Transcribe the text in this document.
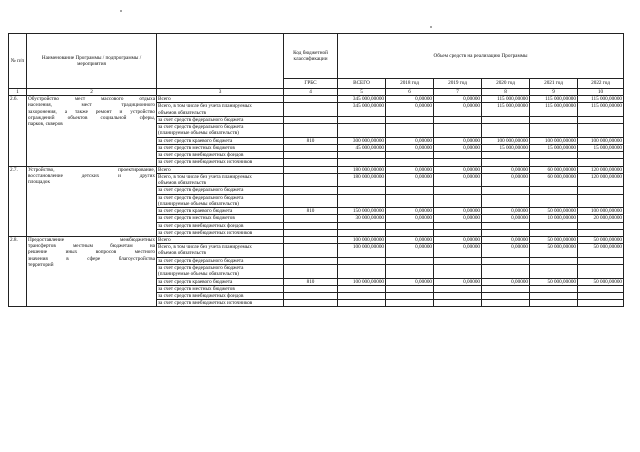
№ п/п	Наименование Программы / подпрограммы / мероприятия		Код бюджетной классификации	Объем средств на реализацию Программы					
			ГРБС	ВСЕГО	2018 год	2019 год	2020 год	2021 год	2022 год
1	2	3	4	5	6	7	8	9	10
2.6.	Обустройство мест массового отдыха
населения, мест традиционного
захоронения, а также ремонт и устройство
ограждений объектов социальной сферы,
парков, скверов	Всего		345 000,00000	0,00000	0,00000	115 000,00000	115 000,00000	115 000,00000

		Всего, в том числе без учета планируемых
объемов обязательств		345 000,00000	0,00000	0,00000	115 000,00000	115 000,00000	115 000,00000

		за счет средств федерального бюджета							

		за счет средств федерального бюджета
(планируемые объемы обязательств)							

		за счет средств краевого бюджета	810	300 000,00000	0,00000	0,00000	100 000,00000	100 000,00000	100 000,00000

		за счет средств местных бюджетов		45 000,00000	0,00000	0,00000	15 000,00000	15 000,00000	15 000,00000

		за счет средств внебюджетных фондов							

		за счет средств внебюджетных источников							

2.7.	Устройство, проектирование,
восстановление детских и других
площадок	Всего		180 000,00000	0,00000	0,00000	0,00000	60 000,00000	120 000,00000

		Всего, в том числе без учета планируемых
объемов обязательств		180 000,00000	0,00000	0,00000	0,00000	60 000,00000	120 000,00000

		за счет средств федерального бюджета							

		за счет средств федерального бюджета
(планируемые объемы обязательств)							

		за счет средств краевого бюджета	810	150 000,00000	0,00000	0,00000	0,00000	50 000,00000	100 000,00000

		за счет средств местных бюджетов		30 000,00000	0,00000	0,00000	0,00000	10 000,00000	20 000,00000

		за счет средств внебюджетных фондов							

		за счет средств внебюджетных источников							

2.8.	Предоставление межбюджетных
трансфертов местным бюджетам на
решение иных вопросов местного
значения в сфере благоустройства
территорий	Всего		100 000,00000	0,00000	0,00000	0,00000	50 000,00000	50 000,00000

		Всего, в том числе без учета планируемых
объемов обязательств		100 000,00000	0,00000	0,00000	0,00000	50 000,00000	50 000,00000

		за счет средств федерального бюджета							

		за счет средств федерального бюджета
(планируемые объемы обязательств)							

		за счет средств краевого бюджета	810	100 000,00000	0,00000	0,00000	0,00000	50 000,00000	50 000,00000

		за счет средств местных бюджетов							

		за счет средств внебюджетных фондов							

		за счет средств внебюджетных источников							
